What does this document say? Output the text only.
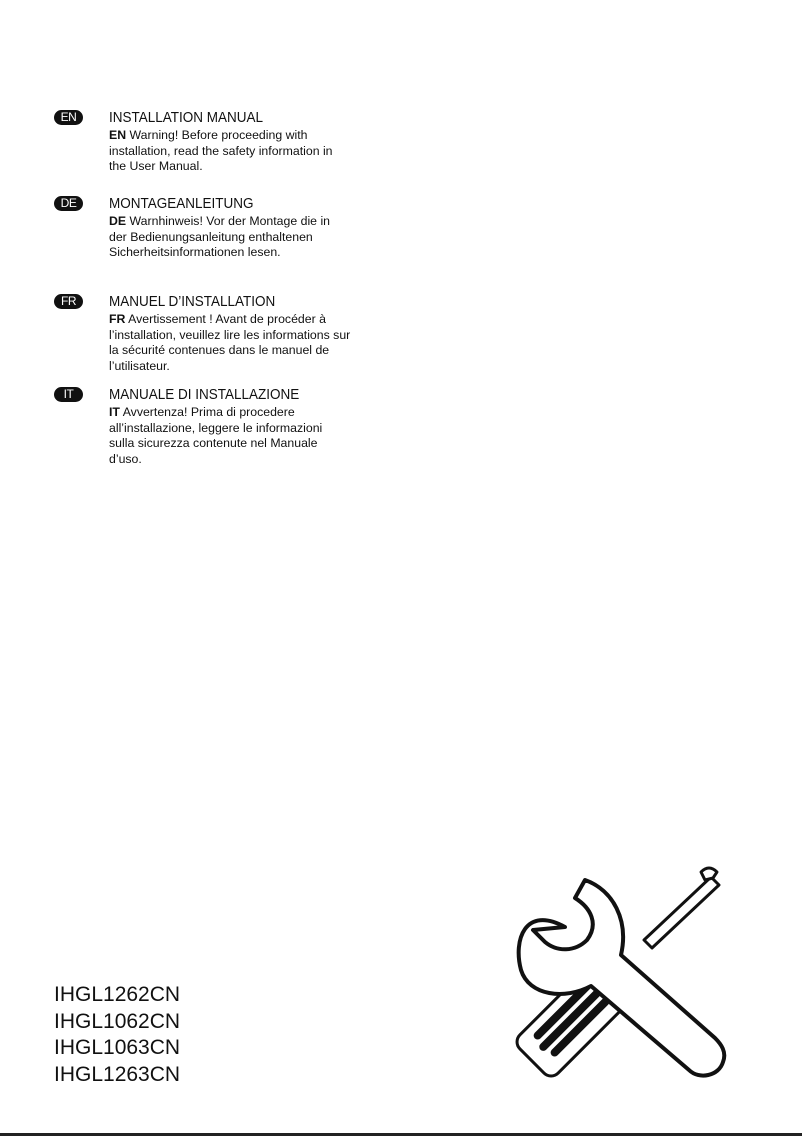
EN	INSTALLATION MANUAL
EN Warning! Before proceeding with installation, read the safety information in the User Manual.
DE	MONTAGEANLEITUNG
DE Warnhinweis! Vor der Montage die in der Bedienungsanleitung enthaltenen Sicherheitsinformationen lesen.
FR	MANUEL D’INSTALLATION
FR Avertissement ! Avant de procéder à l’installation, veuillez lire les informations sur la sécurité contenues dans le manuel de l’utilisateur.
IT	MANUALE DI INSTALLAZIONE
IT Avvertenza! Prima di procedere all’installazione, leggere le informazioni sulla sicurezza contenute nel Manuale d’uso.
IHGL1262CN
IHGL1062CN
IHGL1063CN
IHGL1263CN
